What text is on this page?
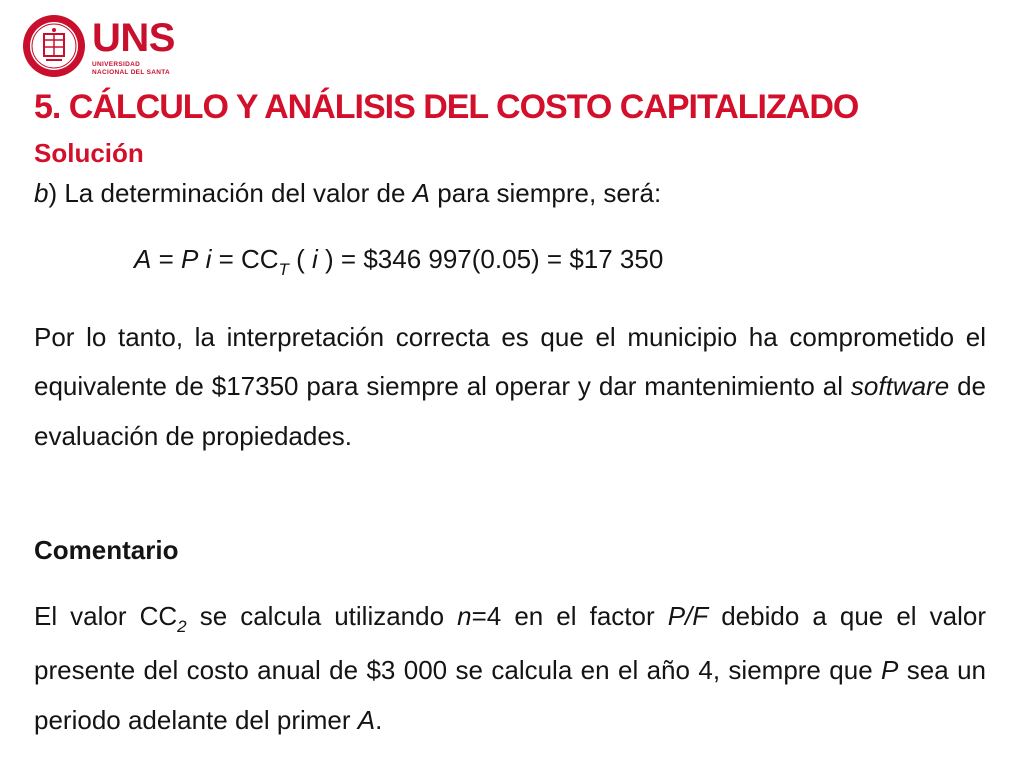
UNS
UNIVERSIDAD
NACIONAL DEL SANTA
5. CÁLCULO Y ANÁLISIS DEL COSTO CAPITALIZADO
Solución
b) La determinación del valor de A para siempre, será:
A = P $i = CC_T$ ( i ) = $346 997(0.05) = $17 350
Por lo tanto, la interpretación correcta es que el municipio ha comprometido el equivalente de $17350 para siempre al operar y dar mantenimiento al software de evaluación de propiedades.
Comentario
El valor $CC_2$ se calcula utilizando n=4 en el factor P/F debido a que el valor presente del costo anual de $3 000 se calcula en el año 4, siempre que P sea un periodo adelante del primer A.
